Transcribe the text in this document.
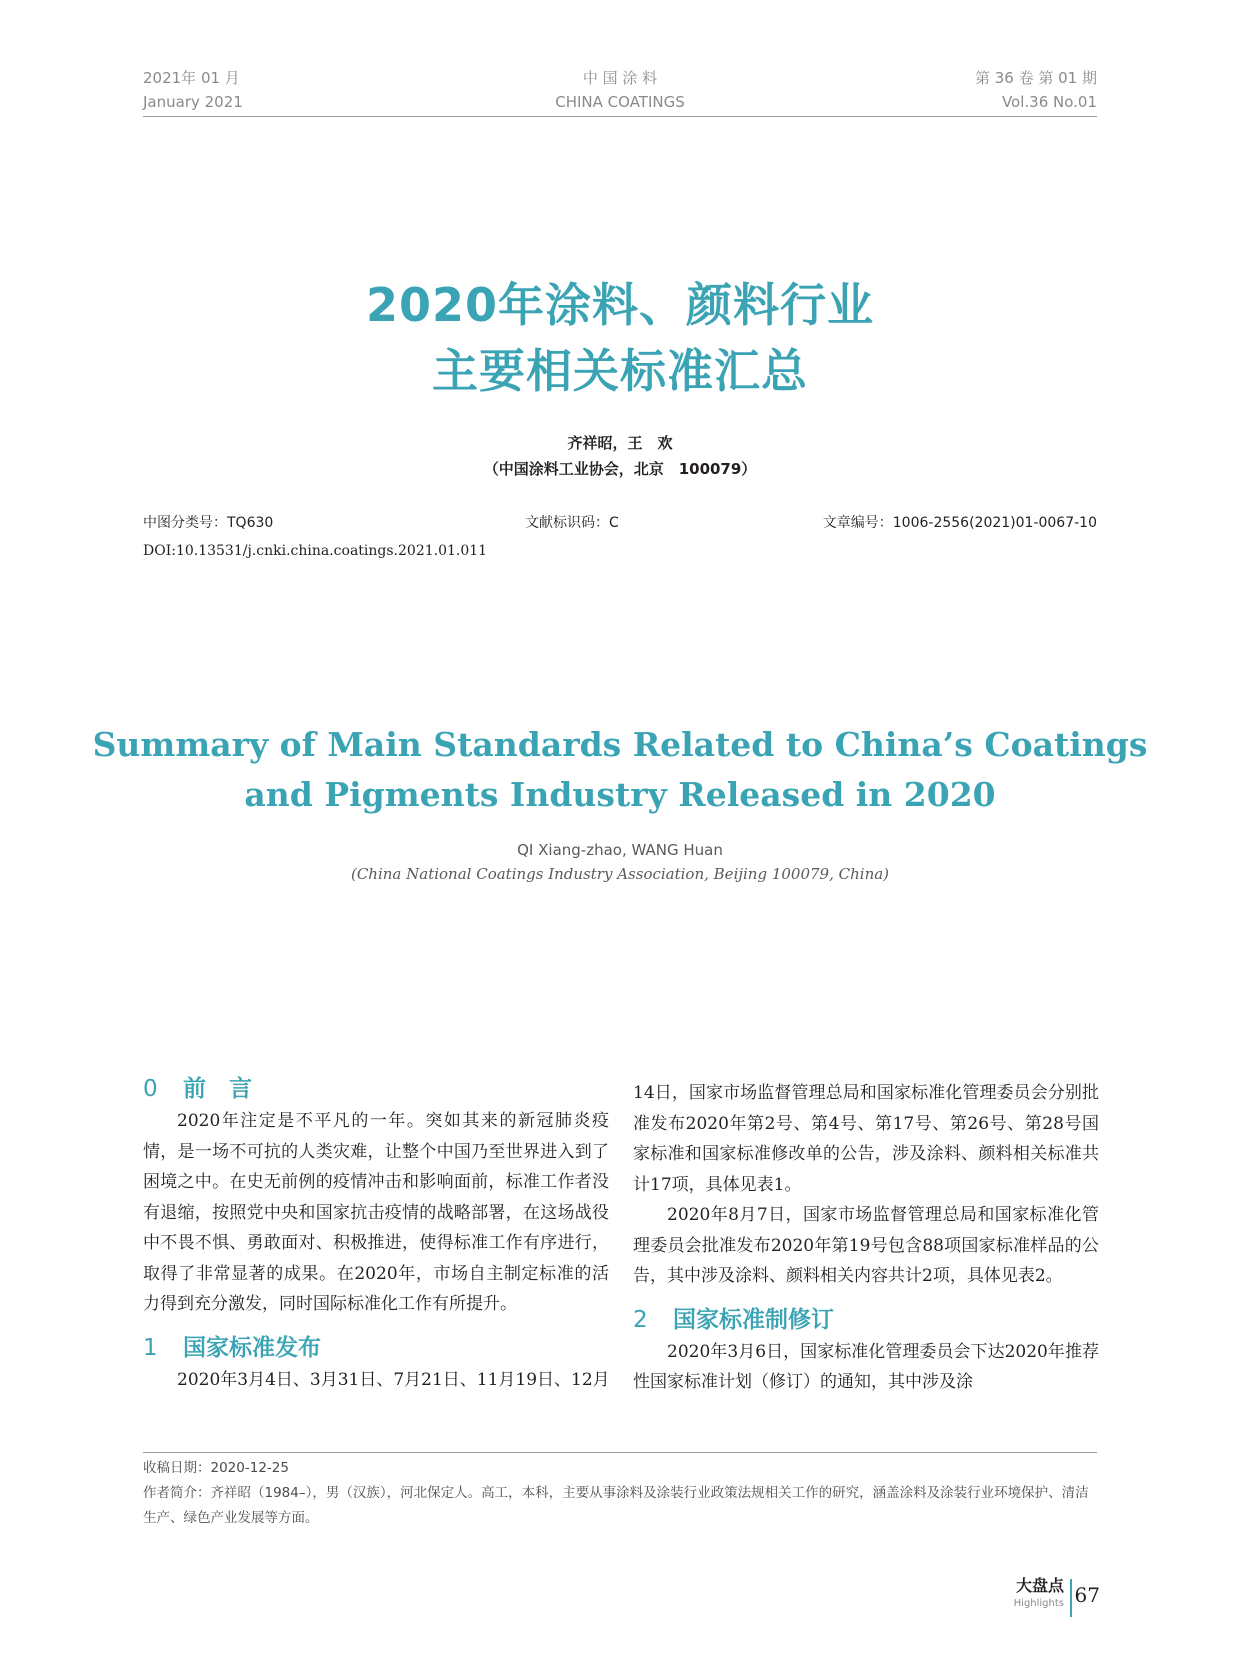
2021年 01 月
January 2021
中 国 涂 料
CHINA COATINGS
第 36 卷 第 01 期
Vol.36 No.01
2020年涂料、颜料行业
主要相关标准汇总
齐祥昭，王　欢
（中国涂料工业协会，北京　100079）
中图分类号：TQ630	文献标识码：C	文章编号：1006-2556(2021)01-0067-10
DOI:10.13531/j.cnki.china.coatings.2021.01.011
Summary of Main Standards Related to China’s Coatings
and Pigments Industry Released in 2020
QI Xiang-zhao, WANG Huan
(China National Coatings Industry Association, Beijing 100079, China)
0 前　言

2020年注定是不平凡的一年。突如其来的新冠肺炎疫情，是一场不可抗的人类灾难，让整个中国乃至世界进入到了困境之中。在史无前例的疫情冲击和影响面前，标准工作者没有退缩，按照党中央和国家抗击疫情的战略部署，在这场战役中不畏不惧、勇敢面对、积极推进，使得标准工作有序进行，取得了非常显著的成果。在2020年，市场自主制定标准的活力得到充分激发，同时国际标准化工作有所提升。

1 国家标准发布

2020年3月4日、3月31日、7月21日、11月19日、12月

14日，国家市场监督管理总局和国家标准化管理委员会分别批准发布2020年第2号、第4号、第17号、第26号、第28号国家标准和国家标准修改单的公告，涉及涂料、颜料相关标准共计17项，具体见表1。

2020年8月7日，国家市场监督管理总局和国家标准化管理委员会批准发布2020年第19号包含88项国家标准样品的公告，其中涉及涂料、颜料相关内容共计2项，具体见表2。

2 国家标准制修订

2020年3月6日，国家标准化管理委员会下达2020年推荐性国家标准计划（修订）的通知，其中涉及涂

收稿日期：2020-12-25
作者简介：齐祥昭（1984–），男（汉族），河北保定人。高工，本科，主要从事涂料及涂装行业政策法规相关工作的研究，涵盖涂料及涂装行业环境保护、清洁生产、绿色产业发展等方面。
大盘点
Highlights 67
